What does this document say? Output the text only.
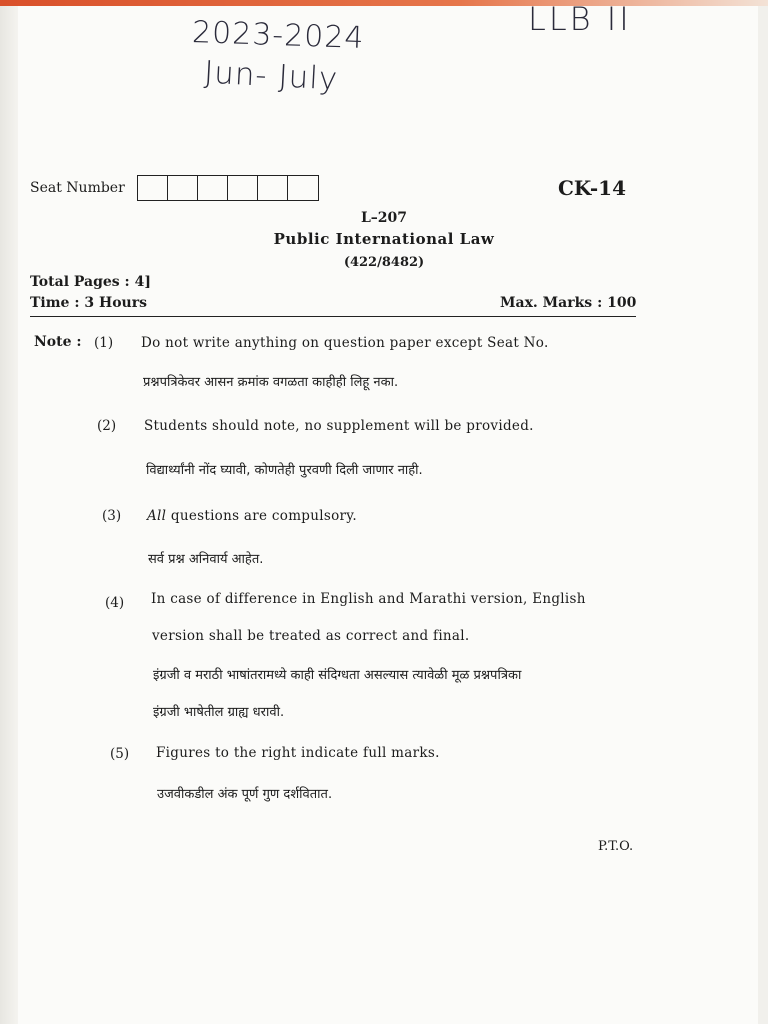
2023-2024
Jun- July
LLB II
Seat Number	CK-14
L–207
Public International Law
(422/8482)
Total Pages : 4]
Time : 3 Hours	Max. Marks : 100
Note : (1) Do not write anything on question paper except Seat No.
प्रश्नपत्रिकेवर आसन क्रमांक वगळता काहीही लिहू नका.
(2) Students should note, no supplement will be provided.
विद्यार्थ्यांनी नोंद घ्यावी, कोणतेही पुरवणी दिली जाणार नाही.
(3) All questions are compulsory.
सर्व प्रश्न अनिवार्य आहेत.
(4) In case of difference in English and Marathi version, English
version shall be treated as correct and final.
इंग्रजी व मराठी भाषांतरामध्ये काही संदिग्धता असल्यास त्यावेळी मूळ प्रश्नपत्रिका
इंग्रजी भाषेतील ग्राह्य धरावी.
(5) Figures to the right indicate full marks.
उजवीकडील अंक पूर्ण गुण दर्शवितात.
P.T.O.
